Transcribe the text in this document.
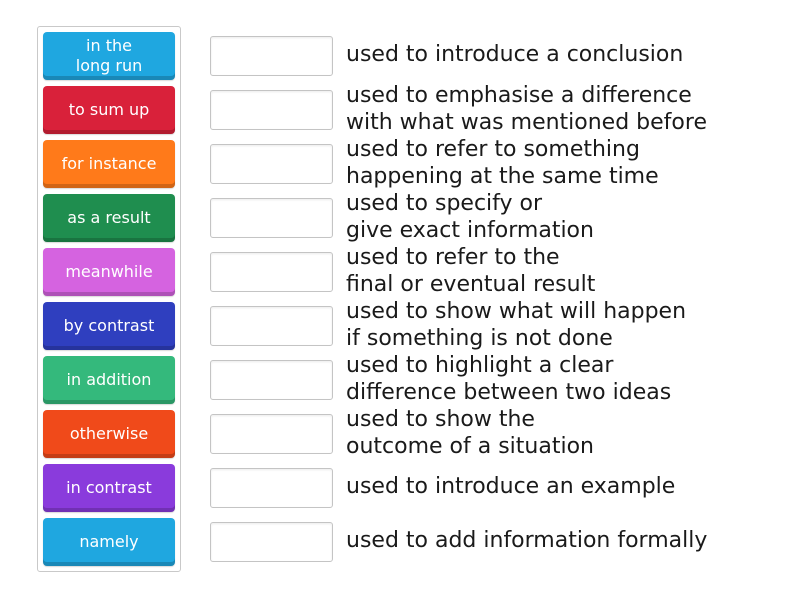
in the
long run
to sum up
for instance
as a result
meanwhile
by contrast
in addition
otherwise
in contrast
namely
used to introduce a conclusion
used to emphasise a difference
with what was mentioned before
used to refer to something
happening at the same time
used to specify or
give exact information
used to refer to the
final or eventual result
used to show what will happen
if something is not done
used to highlight a clear
difference between two ideas
used to show the
outcome of a situation
used to introduce an example
used to add information formally
